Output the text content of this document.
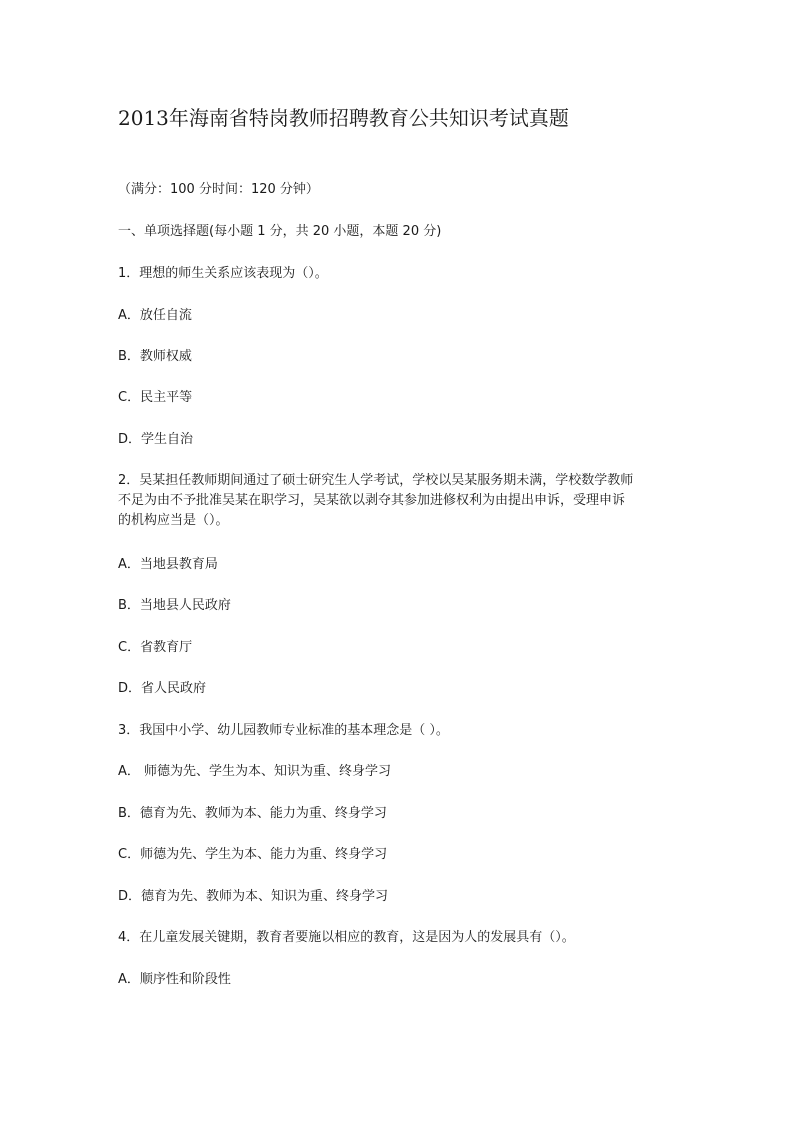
2013年海南省特岗教师招聘教育公共知识考试真题

（满分：100 分时间：120 分钟）

一、单项选择题(每小题 1 分，共 20 小题，本题 20 分)

1．理想的师生关系应该表现为（）。

A．放任自流

B．教师权威

C．民主平等

D．学生自治

2．吴某担任教师期间通过了硕士研究生人学考试，学校以吴某服务期未满，学校数学教师
不足为由不予批准吴某在职学习，吴某欲以剥夺其参加进修权利为由提出申诉，受理申诉
的机构应当是（）。

A．当地县教育局

B．当地县人民政府

C．省教育厅

D．省人民政府

3．我国中小学、幼儿园教师专业标准的基本理念是（ ）。

A． 师德为先、学生为本、知识为重、终身学习

B．德育为先、教师为本、能力为重、终身学习

C．师德为先、学生为本、能力为重、终身学习

D．德育为先、教师为本、知识为重、终身学习

4．在儿童发展关键期，教育者要施以相应的教育，这是因为人的发展具有（）。

A．顺序性和阶段性
